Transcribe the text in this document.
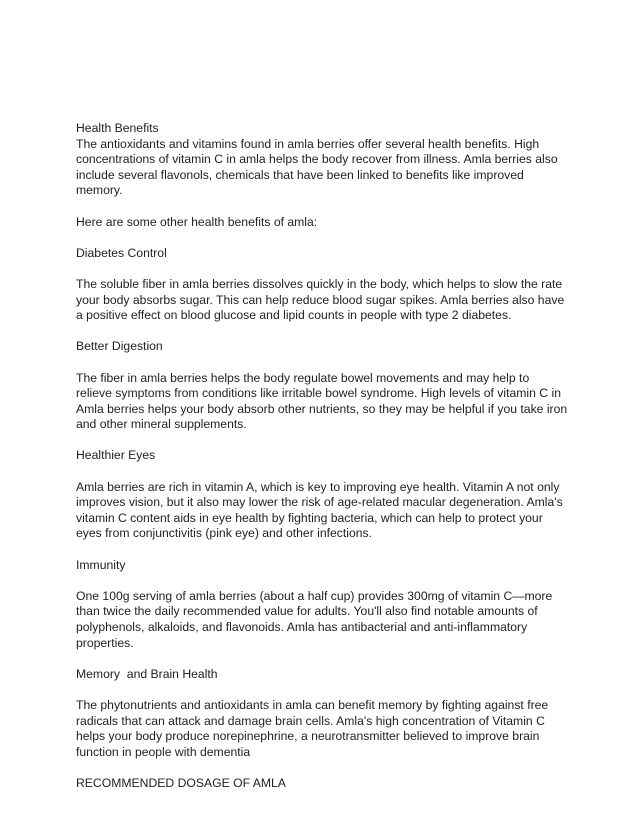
Health Benefits

The antioxidants and vitamins found in amla berries offer several health benefits. High concentrations of vitamin C in amla helps the body recover from illness. Amla berries also include several flavonols, chemicals that have been linked to benefits like improved memory.

Here are some other health benefits of amla:

Diabetes Control

The soluble fiber in amla berries dissolves quickly in the body, which helps to slow the rate your body absorbs sugar. This can help reduce blood sugar spikes. Amla berries also have a positive effect on blood glucose and lipid counts in people with type 2 diabetes.

Better Digestion

The fiber in amla berries helps the body regulate bowel movements and may help to relieve symptoms from conditions like irritable bowel syndrome. High levels of vitamin C in Amla berries helps your body absorb other nutrients, so they may be helpful if you take iron and other mineral supplements.

Healthier Eyes

Amla berries are rich in vitamin A, which is key to improving eye health. Vitamin A not only improves vision, but it also may lower the risk of age-related macular degeneration. Amla's vitamin C content aids in eye health by fighting bacteria, which can help to protect your eyes from conjunctivitis (pink eye) and other infections.

Immunity

One 100g serving of amla berries (about a half cup) provides 300mg of vitamin C—more than twice the daily recommended value for adults. You'll also find notable amounts of polyphenols, alkaloids, and flavonoids. Amla has antibacterial and anti-inflammatory properties.

Memory  and Brain Health

The phytonutrients and antioxidants in amla can benefit memory by fighting against free radicals that can attack and damage brain cells. Amla's high concentration of Vitamin C helps your body produce norepinephrine, a neurotransmitter believed to improve brain function in people with dementia

RECOMMENDED DOSAGE OF AMLA
